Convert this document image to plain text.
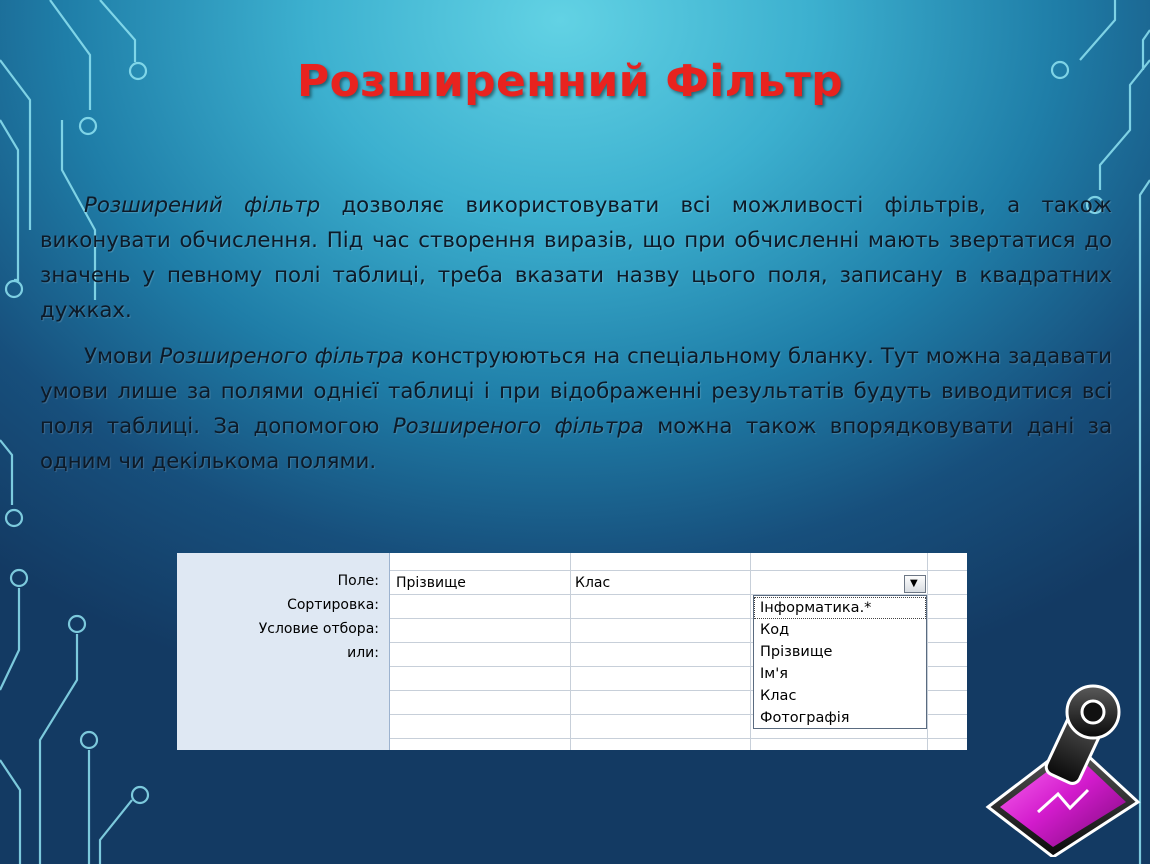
Розширенний Фільтр

Розширений фільтр дозволяє використовувати всі можливості фільтрів, а також виконувати обчислення. Під час створення виразів, що при обчисленні мають звертатися до значень у певному полі таблиці, треба вказати назву цього поля, записану в квадратних дужках.

Умови Розширеного фільтра конструюються на спеціальному бланку. Тут можна задавати умови лише за полями однієї таблиці і при відображенні результатів будуть виводитися всі поля таблиці. За допомогою Розширеного фільтра можна також впорядковувати дані за одним чи декількома полями.

Поле:
Сортировка:
Условие отбора:
или:
Прізвище	Клас	▼
Інформатика.*
Код
Прізвище
Ім'я
Клас
Фотографія
